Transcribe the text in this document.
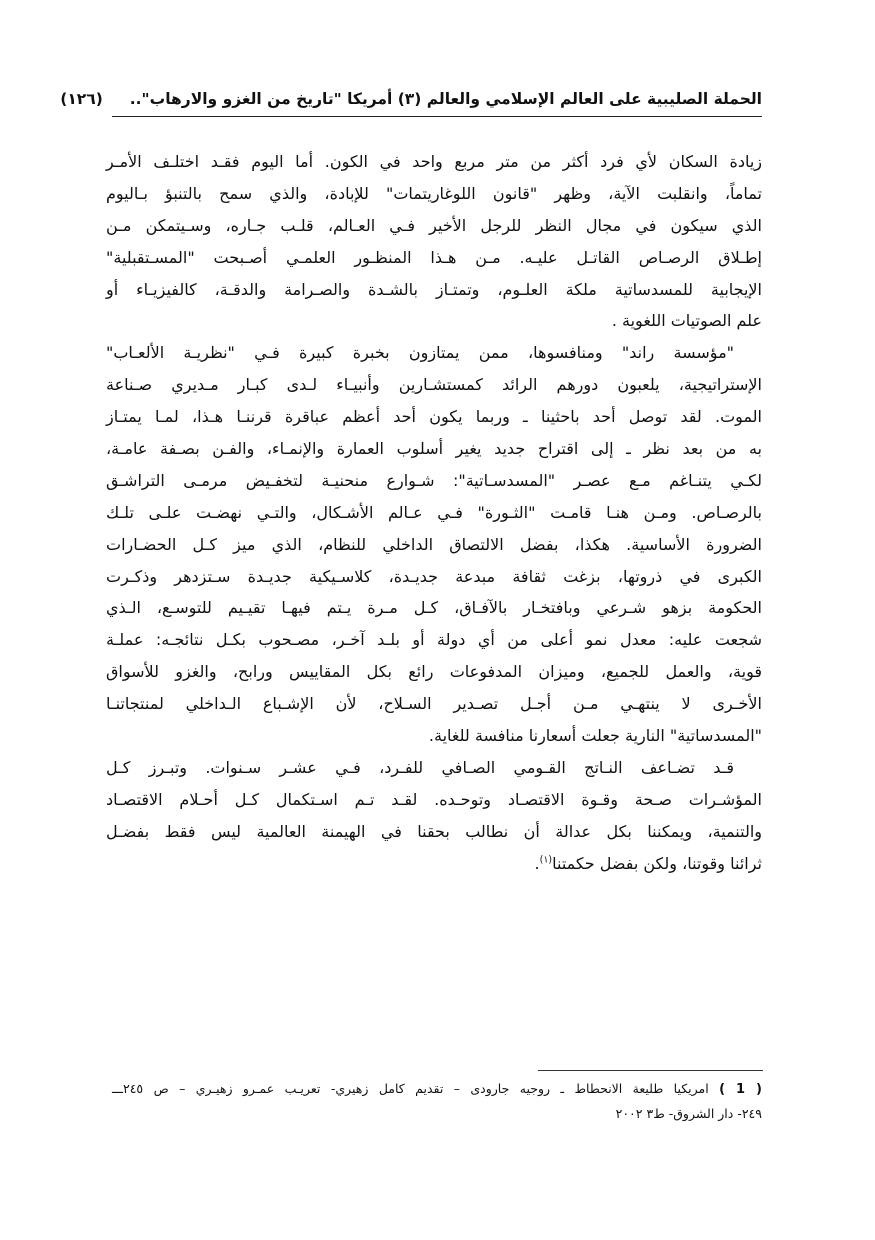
الحملة الصليبية على العالم الإسلامي والعالم (٣) أمريكا "تاريخ من الغزو والارهاب"..     (١٢٦)
زيادة السكان لأي فرد أكثر من متر مربع واحد في الكون. أما اليوم فقـد اختلـف الأمـر
تماماً، وانقلبت الآية، وظهر "قانون اللوغاريتمات" للإبادة، والذي سمح بالتنبؤ بـاليوم
الذي سيكون في مجال النظر للرجل الأخير فـي العـالم، قلـب جـاره، وسـيتمكن مـن
إطـلاق الرصـاص القاتـل عليـه. مـن هـذا المنظـور العلمـي أصـبحت "المسـتقبلية"
الإيجابية للمسدساتية ملكة العلـوم، وتمتـاز بالشـدة والصـرامة والدقـة، كالفيزيـاء أو
علم الصوتيات اللغوية .
"مؤسسة راند" ومنافسوها، ممن يمتازون بخبرة كبيرة فـي "نظريـة الألعـاب"
الإستراتيجية، يلعبون دورهم الرائد كمستشـارين وأنبيـاء لـدى كبـار مـديري صـناعة
الموت. لقد توصل أحد باحثينا ـ وربما يكون أحد أعظم عباقرة قرننـا هـذا، لمـا يمتـاز
به من بعد نظر ـ إلى اقتراح جديد يغير أسلوب العمارة والإنمـاء، والفـن بصـفة عامـة،
لكـي يتنـاغم مـع عصـر "المسدسـاتية": شـوارع منحنيـة لتخفـيض مرمـى التراشـق
بالرصـاص. ومـن هنـا قامـت "الثـورة" فـي عـالم الأشـكال، والتـي نهضـت علـى تلـك
الضرورة الأساسية. هكذا، بفضل الالتصاق الداخلي للنظام، الذي ميز كـل الحضـارات
الكبرى في ذروتها، بزغت ثقافة مبدعة جديـدة، كلاسـيكية جديـدة سـتزدهر وذكـرت
الحكومة بزهو شـرعي وبافتخـار بالآفـاق، كـل مـرة يـتم فيهـا تقيـيم للتوسـع، الـذي
شجعت عليه: معدل نمو أعلى من أي دولة أو بلـد آخـر، مصـحوب بكـل نتائجـه: عملـة
قوية، والعمل للجميع، وميزان المدفوعات رائع بكل المقاييس ورابح، والغزو للأسواق
الأخـرى لا ينتهـي مـن أجـل تصـدير السـلاح، لأن الإشـباع الـداخلي لمنتجاتنـا
"المسدساتية" النارية جعلت أسعارنا منافسة للغاية.
قـد تضـاعف النـاتج القـومي الصـافي للفـرد، فـي عشـر سـنوات. وتبـرز كـل
المؤشـرات صـحة وقـوة الاقتصـاد وتوحـده. لقـد تـم اسـتكمال كـل أحـلام الاقتصـاد
والتنمية، ويمكننا بكل عدالة أن نطالب بحقنا في الهيمنة العالمية ليس فقط بفضـل
ثرائنا وقوتنا، ولكن بفضل حكمتنا$^{(١)}$.
( 1 ) امريكيا طليعة الانحطاط ـ روجيه جارودى – تقديم كامل زهيري- تعريـب عمـرو زهيـري – ص ٢٤٥ـــ
٢٤٩- دار الشروق- ط٣ ٢٠٠٢
